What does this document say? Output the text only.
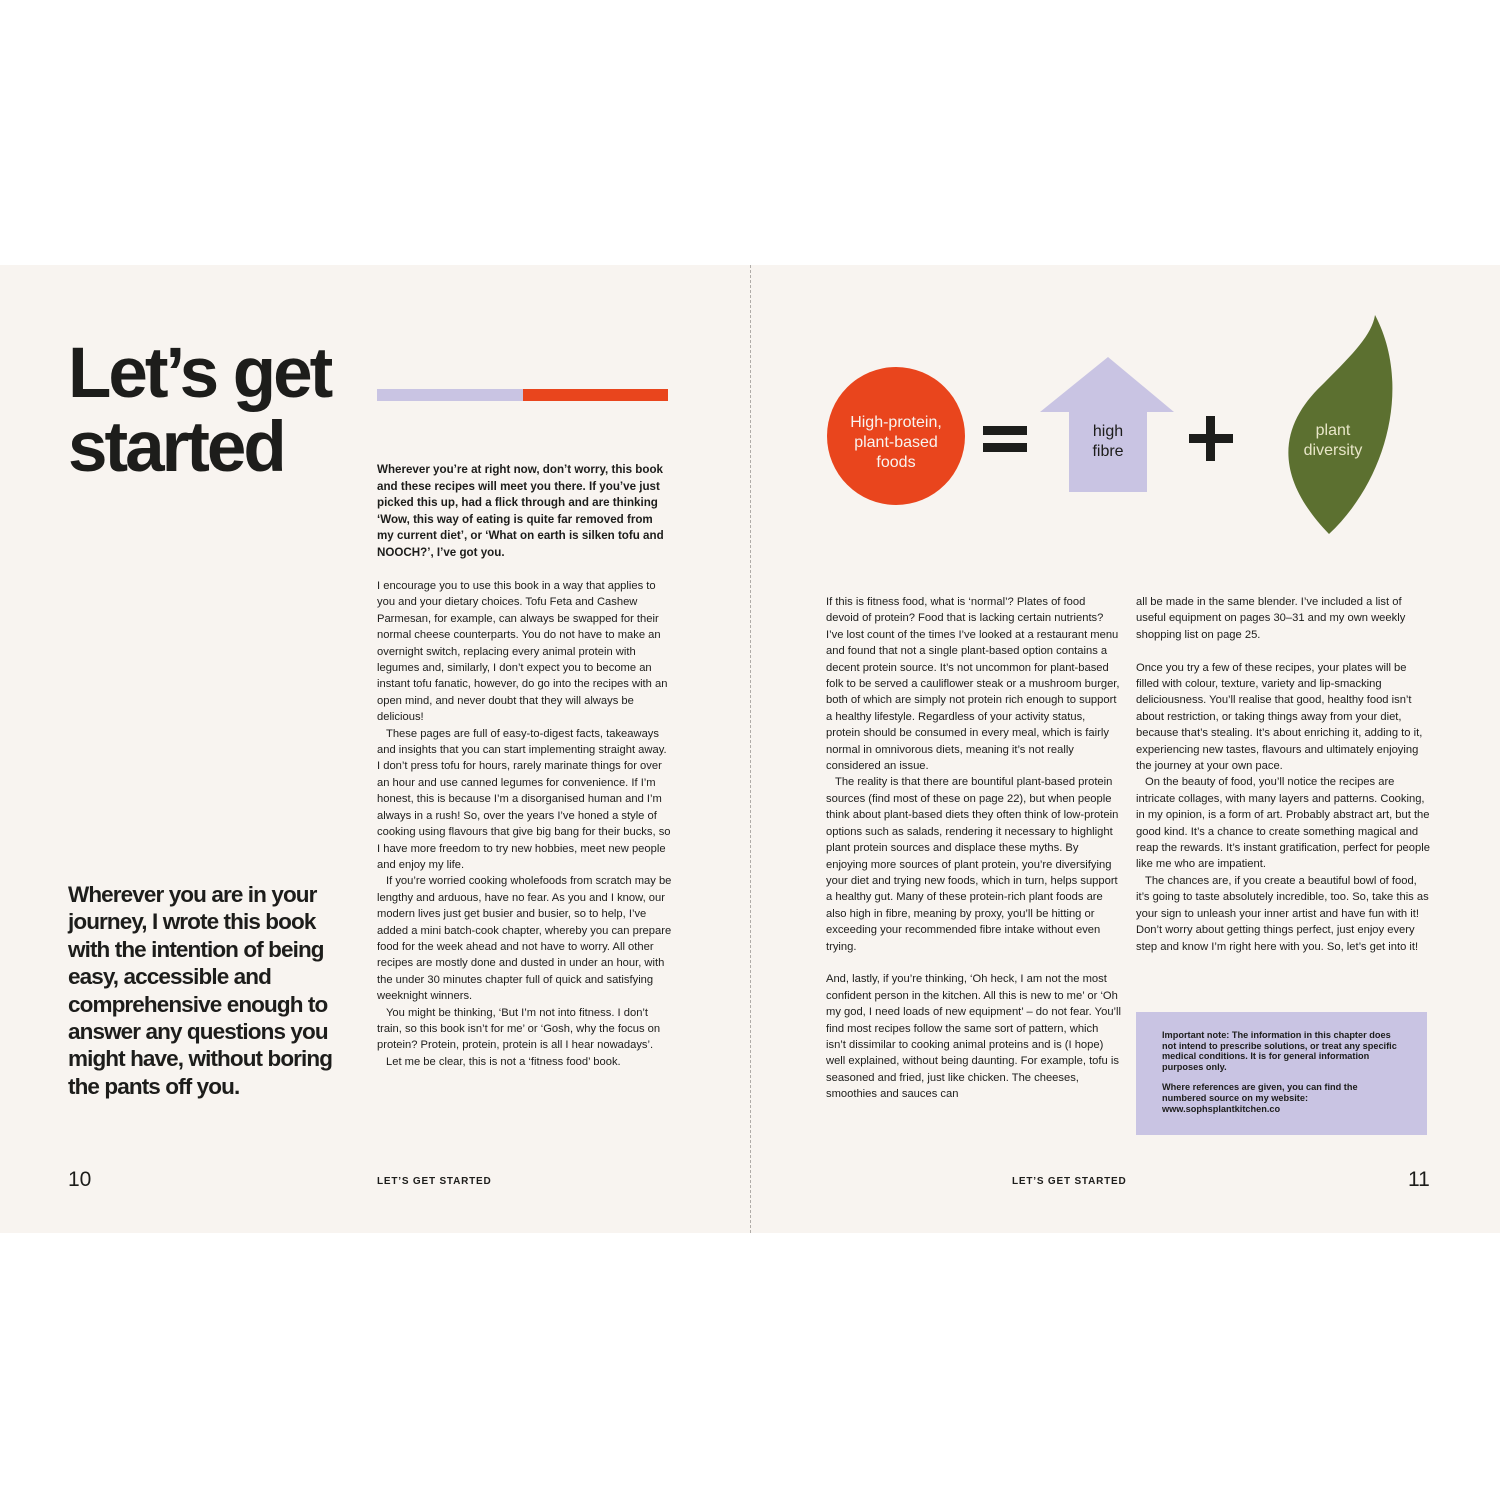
Let’s get
started	Wherever you’re at right now, don’t worry, this book and these recipes will meet you there. If you’ve just picked this up, had a flick through and are thinking ‘Wow, this way of eating is quite far removed from my current diet’, or ‘What on earth is silken tofu and NOOCH?’, I’ve got you.

I encourage you to use this book in a way that applies to you and your dietary choices. Tofu Feta and Cashew Parmesan, for example, can always be swapped for their normal cheese counterparts. You do not have to make an overnight switch, replacing every animal protein with legumes and, similarly, I don’t expect you to become an instant tofu fanatic, however, do go into the recipes with an open mind, and never doubt that they will always be delicious!

These pages are full of easy-to-digest facts, takeaways and insights that you can start implementing straight away. I don’t press tofu for hours, rarely marinate things for over an hour and use canned legumes for convenience. If I’m honest, this is because I’m a disorganised human and I’m always in a rush! So, over the years I’ve honed a style of cooking using flavours that give big bang for their bucks, so I have more freedom to try new hobbies, meet new people and enjoy my life.

If you’re worried cooking wholefoods from scratch may be lengthy and arduous, have no fear. As you and I know, our modern lives just get busier and busier, so to help, I’ve added a mini batch-cook chapter, whereby you can prepare food for the week ahead and not have to worry. All other recipes are mostly done and dusted in under an hour, with the under 30 minutes chapter full of quick and satisfying weeknight winners.

You might be thinking, ‘But I’m not into fitness. I don’t train, so this book isn’t for me’ or ‘Gosh, why the focus on protein? Protein, protein, protein is all I hear nowadays’.

Let me be clear, this is not a ‘fitness food’ book.

Wherever you are in your journey, I wrote this book with the intention of being easy, accessible and comprehensive enough to answer any questions you might have, without boring the pants off you.
10	LET’S GET STARTED
High-protein,
plant-based
foods
high
fibre
plant
diversity

If this is fitness food, what is ‘normal’? Plates of food devoid of protein? Food that is lacking certain nutrients? I’ve lost count of the times I’ve looked at a restaurant menu and found that not a single plant-based option contains a decent protein source. It’s not uncommon for plant-based folk to be served a cauliflower steak or a mushroom burger, both of which are simply not protein rich enough to support a healthy lifestyle. Regardless of your activity status, protein should be consumed in every meal, which is fairly normal in omnivorous diets, meaning it’s not really considered an issue.

The reality is that there are bountiful plant-based protein sources (find most of these on page 22), but when people think about plant-based diets they often think of low-protein options such as salads, rendering it necessary to highlight plant protein sources and displace these myths. By enjoying more sources of plant protein, you’re diversifying your diet and trying new foods, which in turn, helps support a healthy gut. Many of these protein-rich plant foods are also high in fibre, meaning by proxy, you’ll be hitting or exceeding your recommended fibre intake without even trying.

And, lastly, if you’re thinking, ‘Oh heck, I am not the most confident person in the kitchen. All this is new to me’ or ‘Oh my god, I need loads of new equipment’ – do not fear. You’ll find most recipes follow the same sort of pattern, which isn’t dissimilar to cooking animal proteins and is (I hope) well explained, without being daunting. For example, tofu is seasoned and fried, just like chicken. The cheeses, smoothies and sauces can

all be made in the same blender. I’ve included a list of useful equipment on pages 30–31 and my own weekly shopping list on page 25.

Once you try a few of these recipes, your plates will be filled with colour, texture, variety and lip-smacking deliciousness. You’ll realise that good, healthy food isn’t about restriction, or taking things away from your diet, because that’s stealing. It’s about enriching it, adding to it, experiencing new tastes, flavours and ultimately enjoying the journey at your own pace.

On the beauty of food, you’ll notice the recipes are intricate collages, with many layers and patterns. Cooking, in my opinion, is a form of art. Probably abstract art, but the good kind. It’s a chance to create something magical and reap the rewards. It’s instant gratification, perfect for people like me who are impatient.

The chances are, if you create a beautiful bowl of food, it’s going to taste absolutely incredible, too. So, take this as your sign to unleash your inner artist and have fun with it! Don’t worry about getting things perfect, just enjoy every step and know I’m right here with you. So, let’s get into it!

Important note: The information in this chapter does not intend to prescribe solutions, or treat any specific medical conditions. It is for general information purposes only.

Where references are given, you can find the numbered source on my website: www.sophsplantkitchen.co

LET’S GET STARTED	11
